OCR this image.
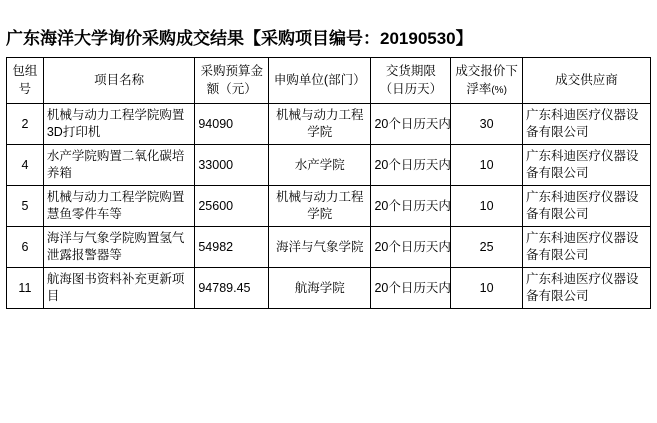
广东海洋大学询价采购成交结果【采购项目编号：20190530】
包组号	项目名称	采购预算金额（元）	申购单位(部门）	交货期限（日历天）	成交报价下浮率(%)	成交供应商
2	机械与动力工程学院购置3D打印机	94090	机械与动力工程学院	20个日历天内	30	广东科迪医疗仪器设备有限公司
4	水产学院购置二氧化碳培养箱	33000	水产学院	20个日历天内	10	广东科迪医疗仪器设备有限公司
5	机械与动力工程学院购置慧鱼零件车等	25600	机械与动力工程学院	20个日历天内	10	广东科迪医疗仪器设备有限公司
6	海洋与气象学院购置氢气泄露报警器等	54982	海洋与气象学院	20个日历天内	25	广东科迪医疗仪器设备有限公司
11	航海图书资料补充更新项目	94789.45	航海学院	20个日历天内	10	广东科迪医疗仪器设备有限公司
